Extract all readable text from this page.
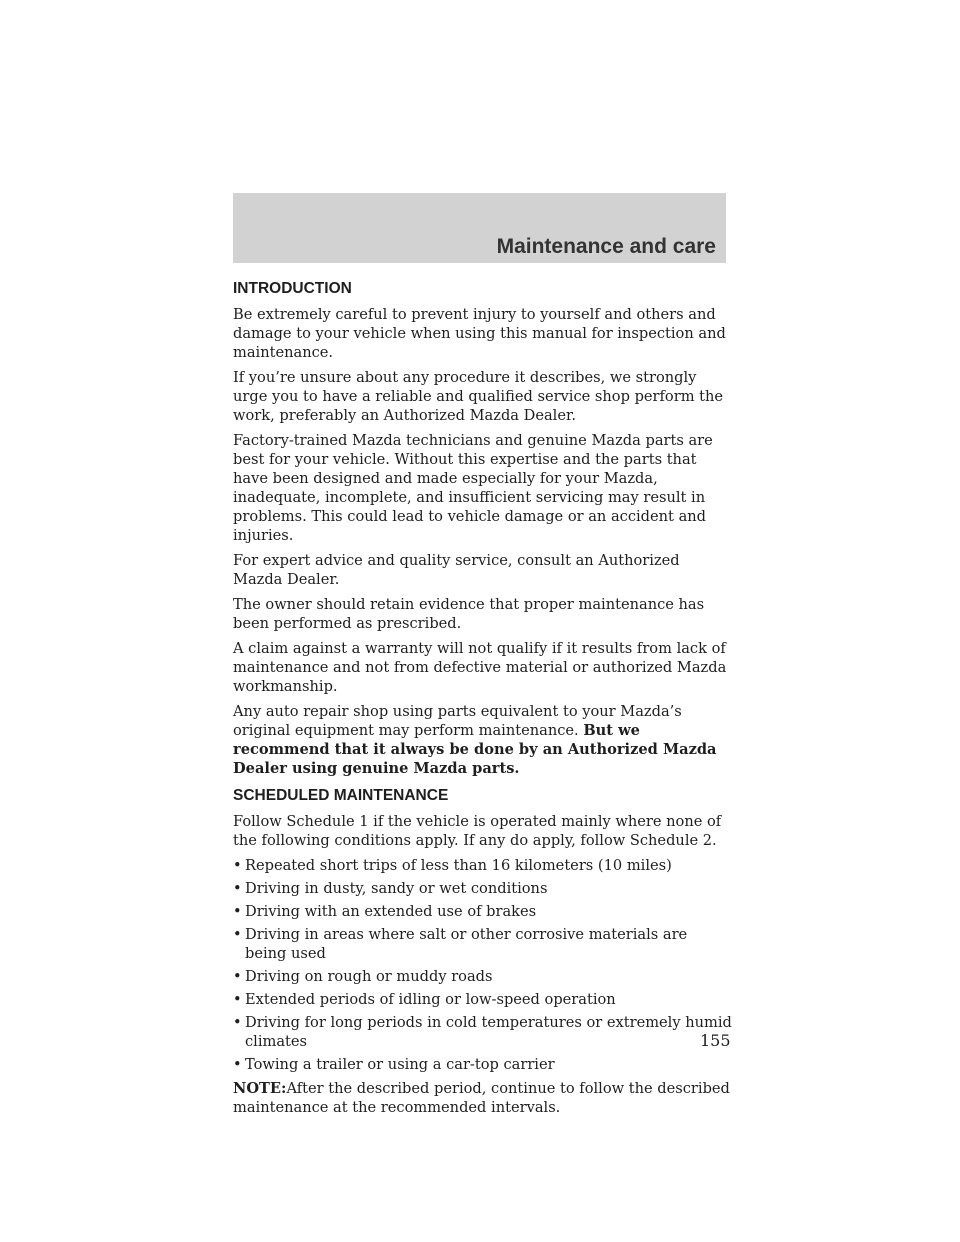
Maintenance and care
INTRODUCTION

Be extremely careful to prevent injury to yourself and others and damage to your vehicle when using this manual for inspection and maintenance.

If you’re unsure about any procedure it describes, we strongly urge you to have a reliable and qualified service shop perform the work, preferably an Authorized Mazda Dealer.

Factory-trained Mazda technicians and genuine Mazda parts are best for your vehicle. Without this expertise and the parts that have been designed and made especially for your Mazda, inadequate, incomplete, and insufficient servicing may result in problems. This could lead to vehicle damage or an accident and injuries.

For expert advice and quality service, consult an Authorized Mazda Dealer.

The owner should retain evidence that proper maintenance has been performed as prescribed.

A claim against a warranty will not qualify if it results from lack of maintenance and not from defective material or authorized Mazda workmanship.

Any auto repair shop using parts equivalent to your Mazda’s original equipment may perform maintenance. But we recommend that it always be done by an Authorized Mazda Dealer using genuine Mazda parts.

SCHEDULED MAINTENANCE

Follow Schedule 1 if the vehicle is operated mainly where none of the following conditions apply. If any do apply, follow Schedule 2.

• Repeated short trips of less than 16 kilometers (10 miles)
• Driving in dusty, sandy or wet conditions
• Driving with an extended use of brakes
• Driving in areas where salt or other corrosive materials are being used
• Driving on rough or muddy roads
• Extended periods of idling or low-speed operation
• Driving for long periods in cold temperatures or extremely humid climates
• Towing a trailer or using a car-top carrier

NOTE:After the described period, continue to follow the described maintenance at the recommended intervals.

155
